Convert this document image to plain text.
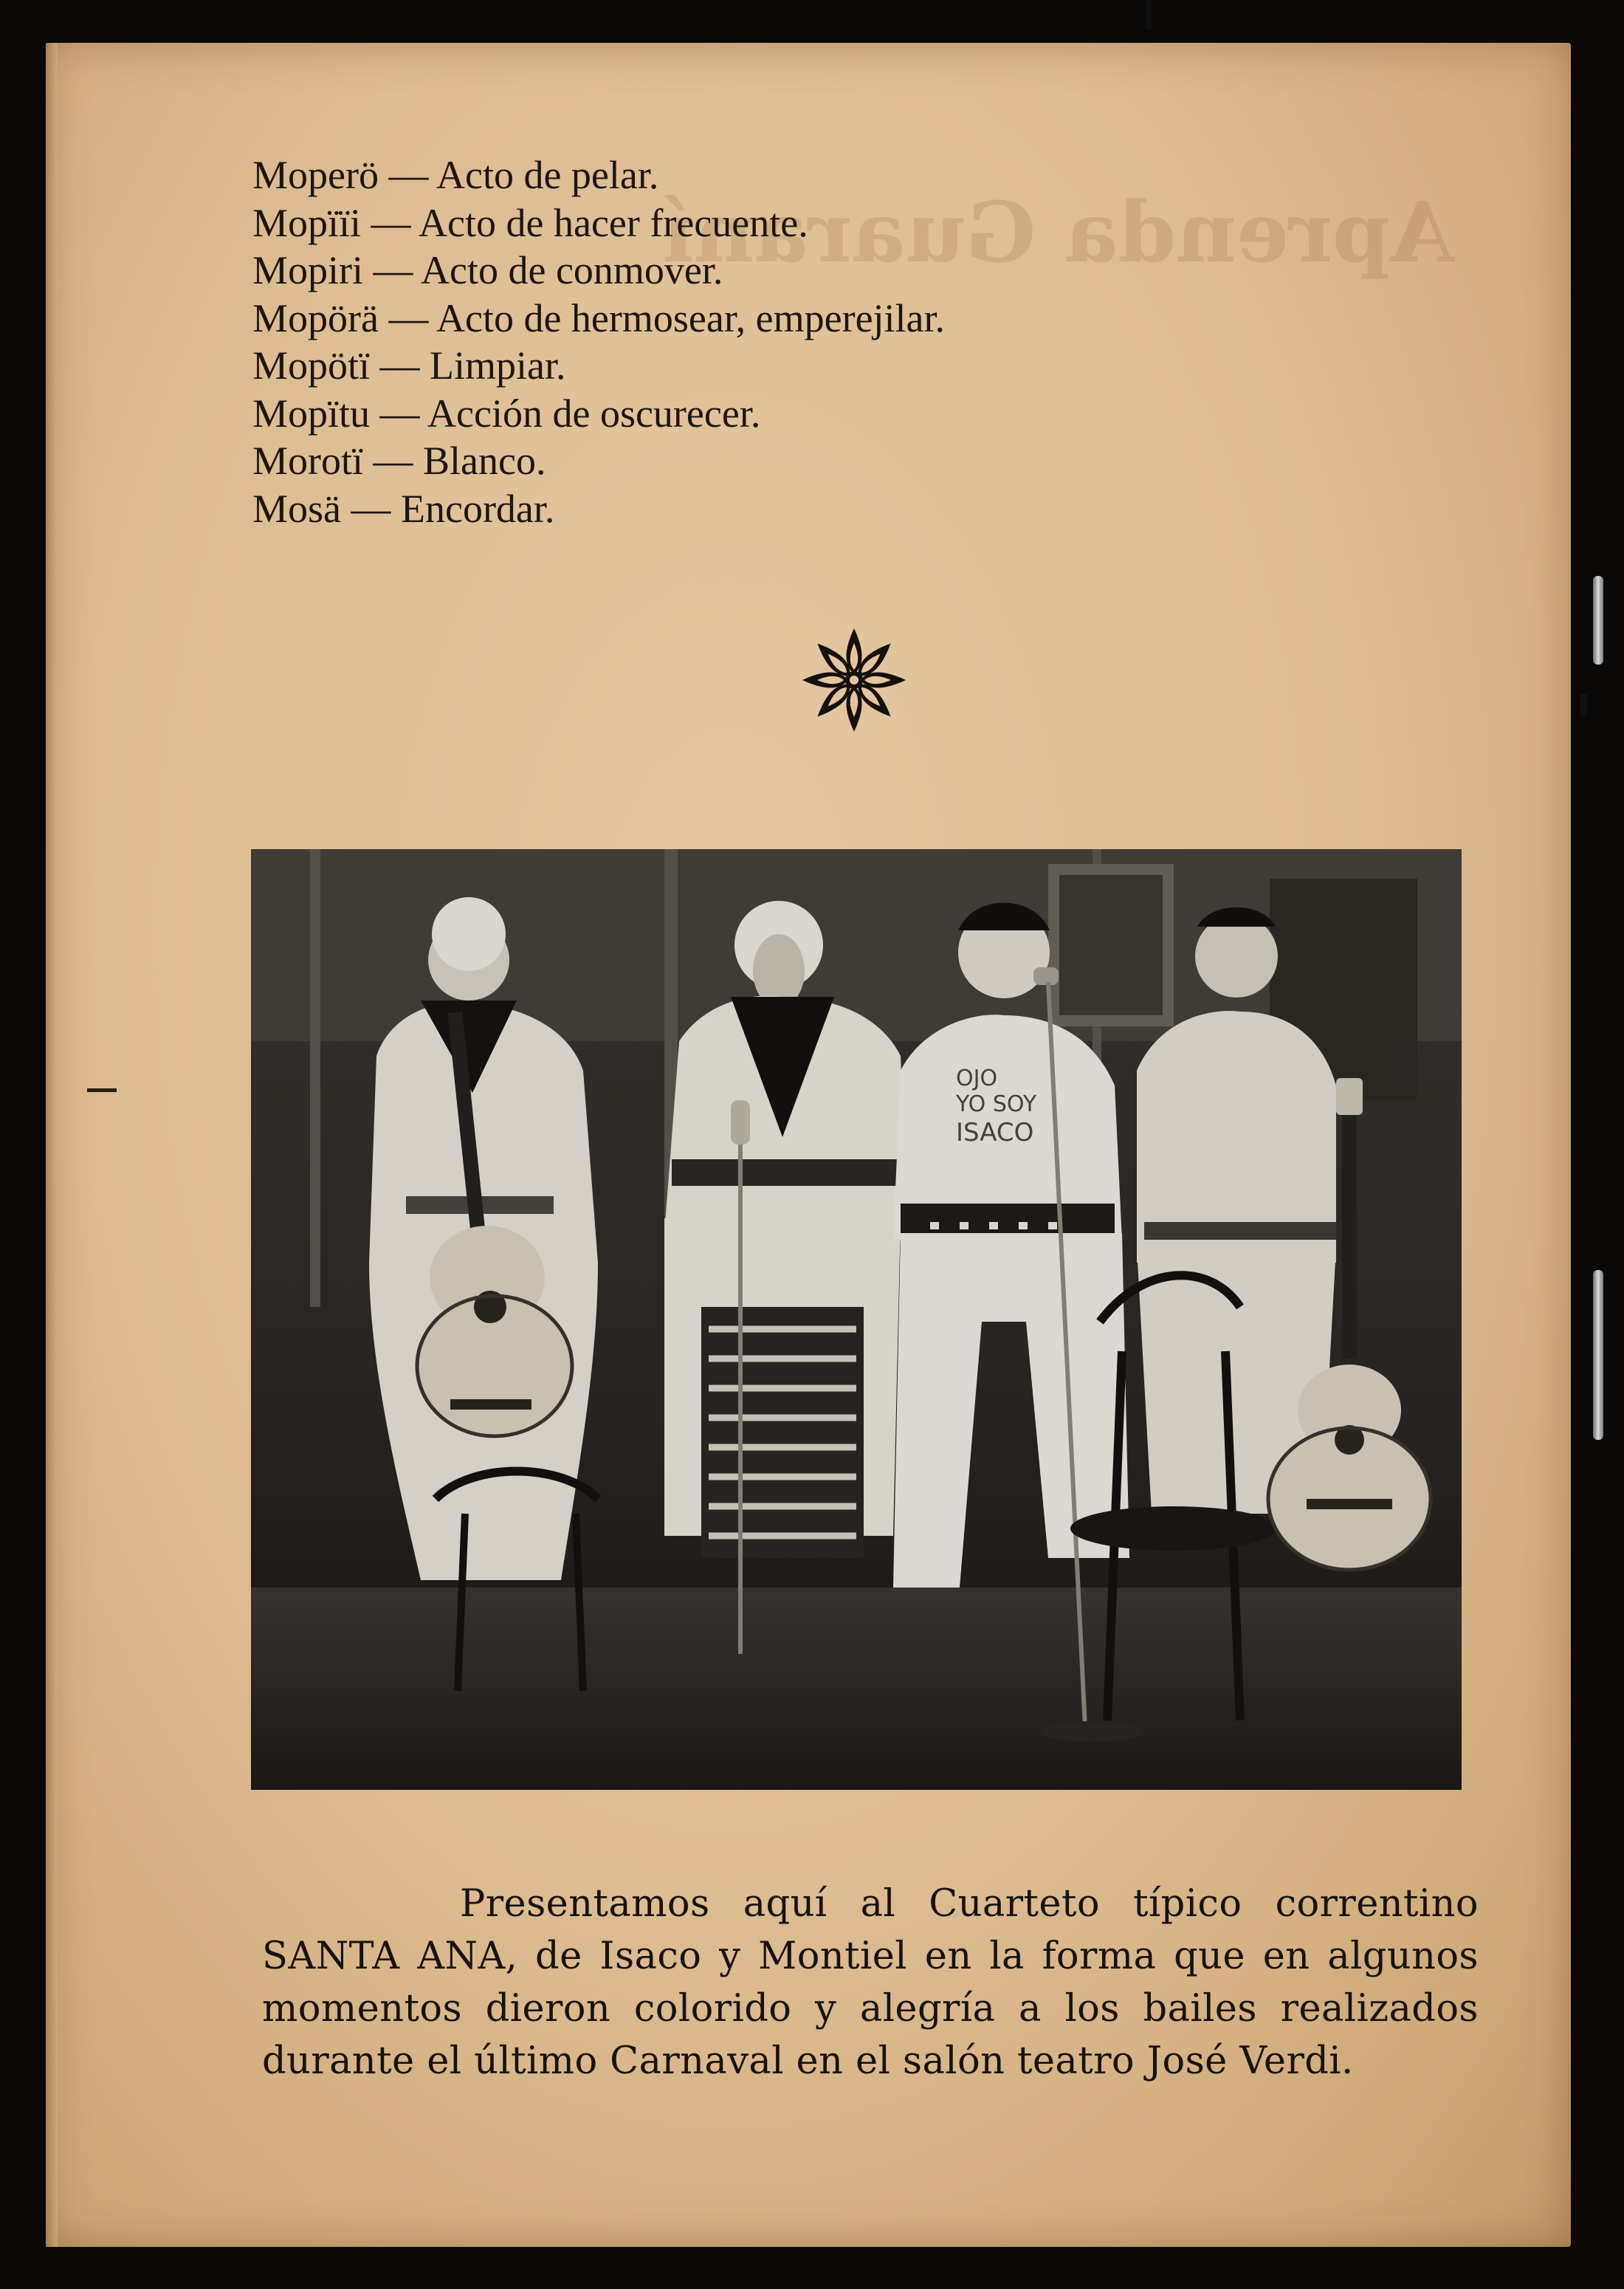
Aprenda Guaraní
Moperö — Acto de pelar.
Mopïïi — Acto de hacer frecuente.
Mopiri — Acto de conmover.
Mopörä — Acto de hermosear, emperejilar.
Mopötï — Limpiar.
Mopïtu — Acción de oscurecer.
Morotï — Blanco.
Mosä — Encordar.
OJO
YO SOY
ISACO

Presentamos aquí al Cuarteto típico correntino SANTA ANA, de Isaco y Montiel en la forma que en algunos momentos dieron colorido y alegría a los bailes realizados durante el último Carnaval en el salón teatro José Verdi.
